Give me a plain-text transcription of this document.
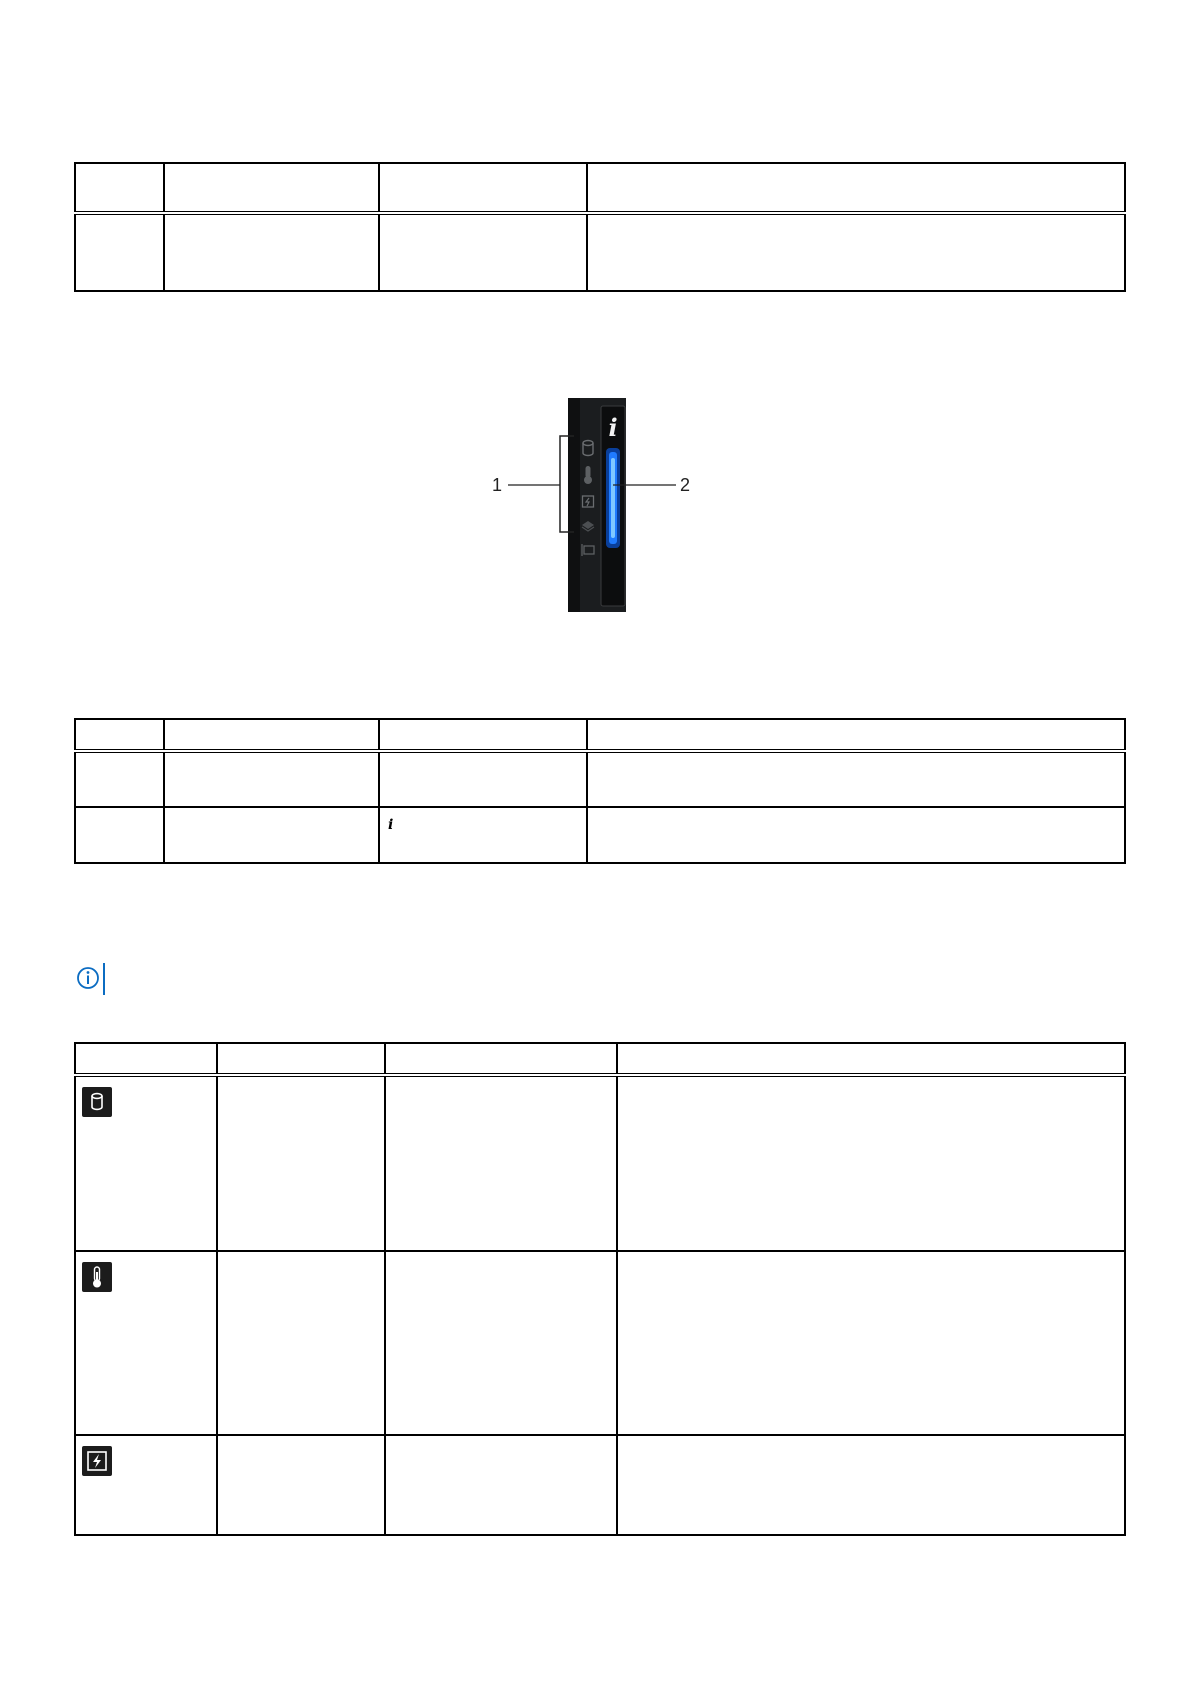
i
1	2

		i	
